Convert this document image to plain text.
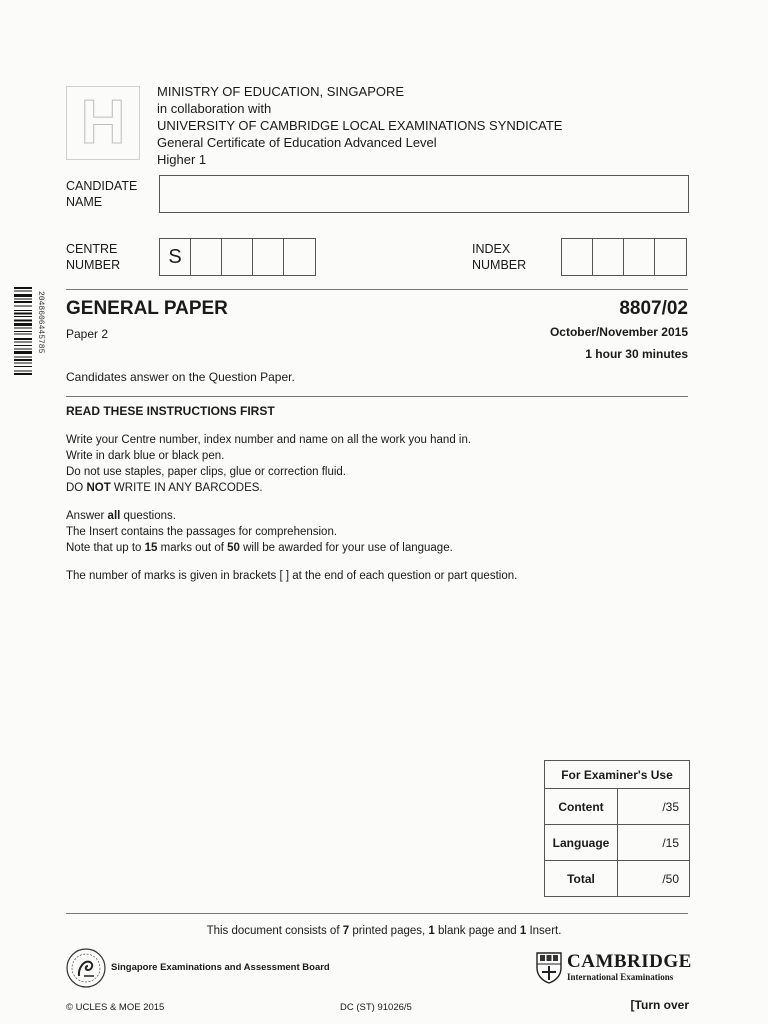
H	MINISTRY OF EDUCATION, SINGAPORE
in collaboration with
UNIVERSITY OF CAMBRIDGE LOCAL EXAMINATIONS SYNDICATE
General Certificate of Education Advanced Level
Higher 1
CANDIDATE
NAME
CENTRE
NUMBER	S	INDEX
NUMBER
2048606445785 GENERAL PAPER	8807/02
Paper 2	October/November 2015
1 hour 30 minutes
Candidates answer on the Question Paper.
READ THESE INSTRUCTIONS FIRST
Write your Centre number, index number and name on all the work you hand in.
Write in dark blue or black pen.
Do not use staples, paper clips, glue or correction fluid.
DO NOT WRITE IN ANY BARCODES.
Answer all questions.
The Insert contains the passages for comprehension.
Note that up to 15 marks out of 50 will be awarded for your use of language.
The number of marks is given in brackets [ ] at the end of each question or part question.
For Examiner's Use	
Content	/35
Language	/15
Total	/50
This document consists of 7 printed pages, 1 blank page and 1 Insert.
Singapore Examinations and Assessment Board	CAMBRIDGE
International Examinations
© UCLES & MOE 2015	DC (ST) 91026/5	[Turn over
